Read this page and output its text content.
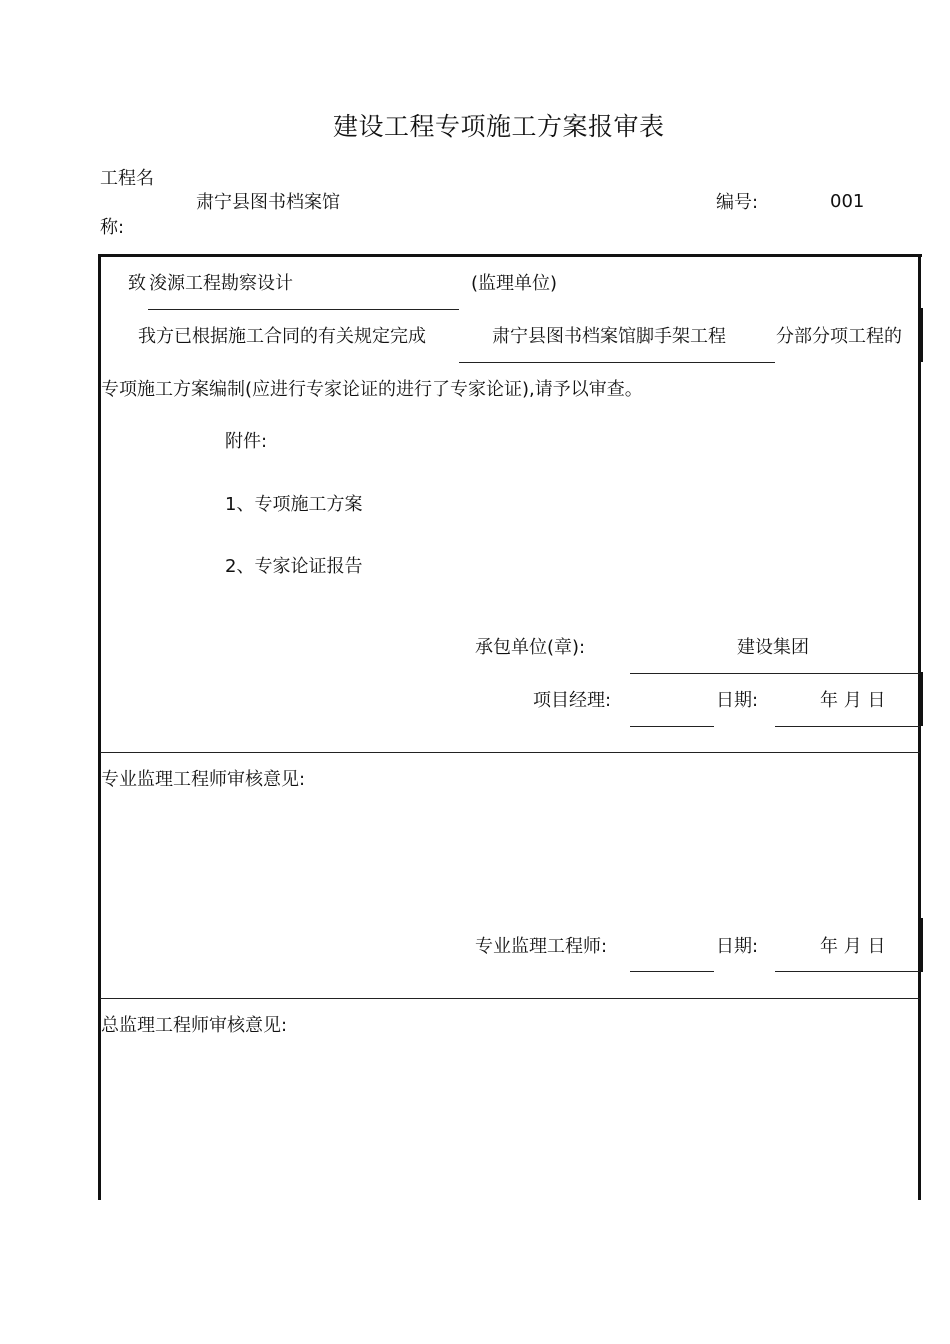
建设工程专项施工方案报审表
工程名
称:
肃宁县图书档案馆	编号:	001
致 浚源工程勘察设计	(监理单位)
我方已根据施工合同的有关规定完成	肃宁县图书档案馆脚手架工程	分部分项工程的
专项施工方案编制(应进行专家论证的进行了专家论证),请予以审查。
附件:
1、专项施工方案
2、专家论证报告
承包单位(章):	建设集团
项目经理:	日期:	年 月 日
专业监理工程师审核意见:
专业监理工程师:	日期:	年 月 日
总监理工程师审核意见:
